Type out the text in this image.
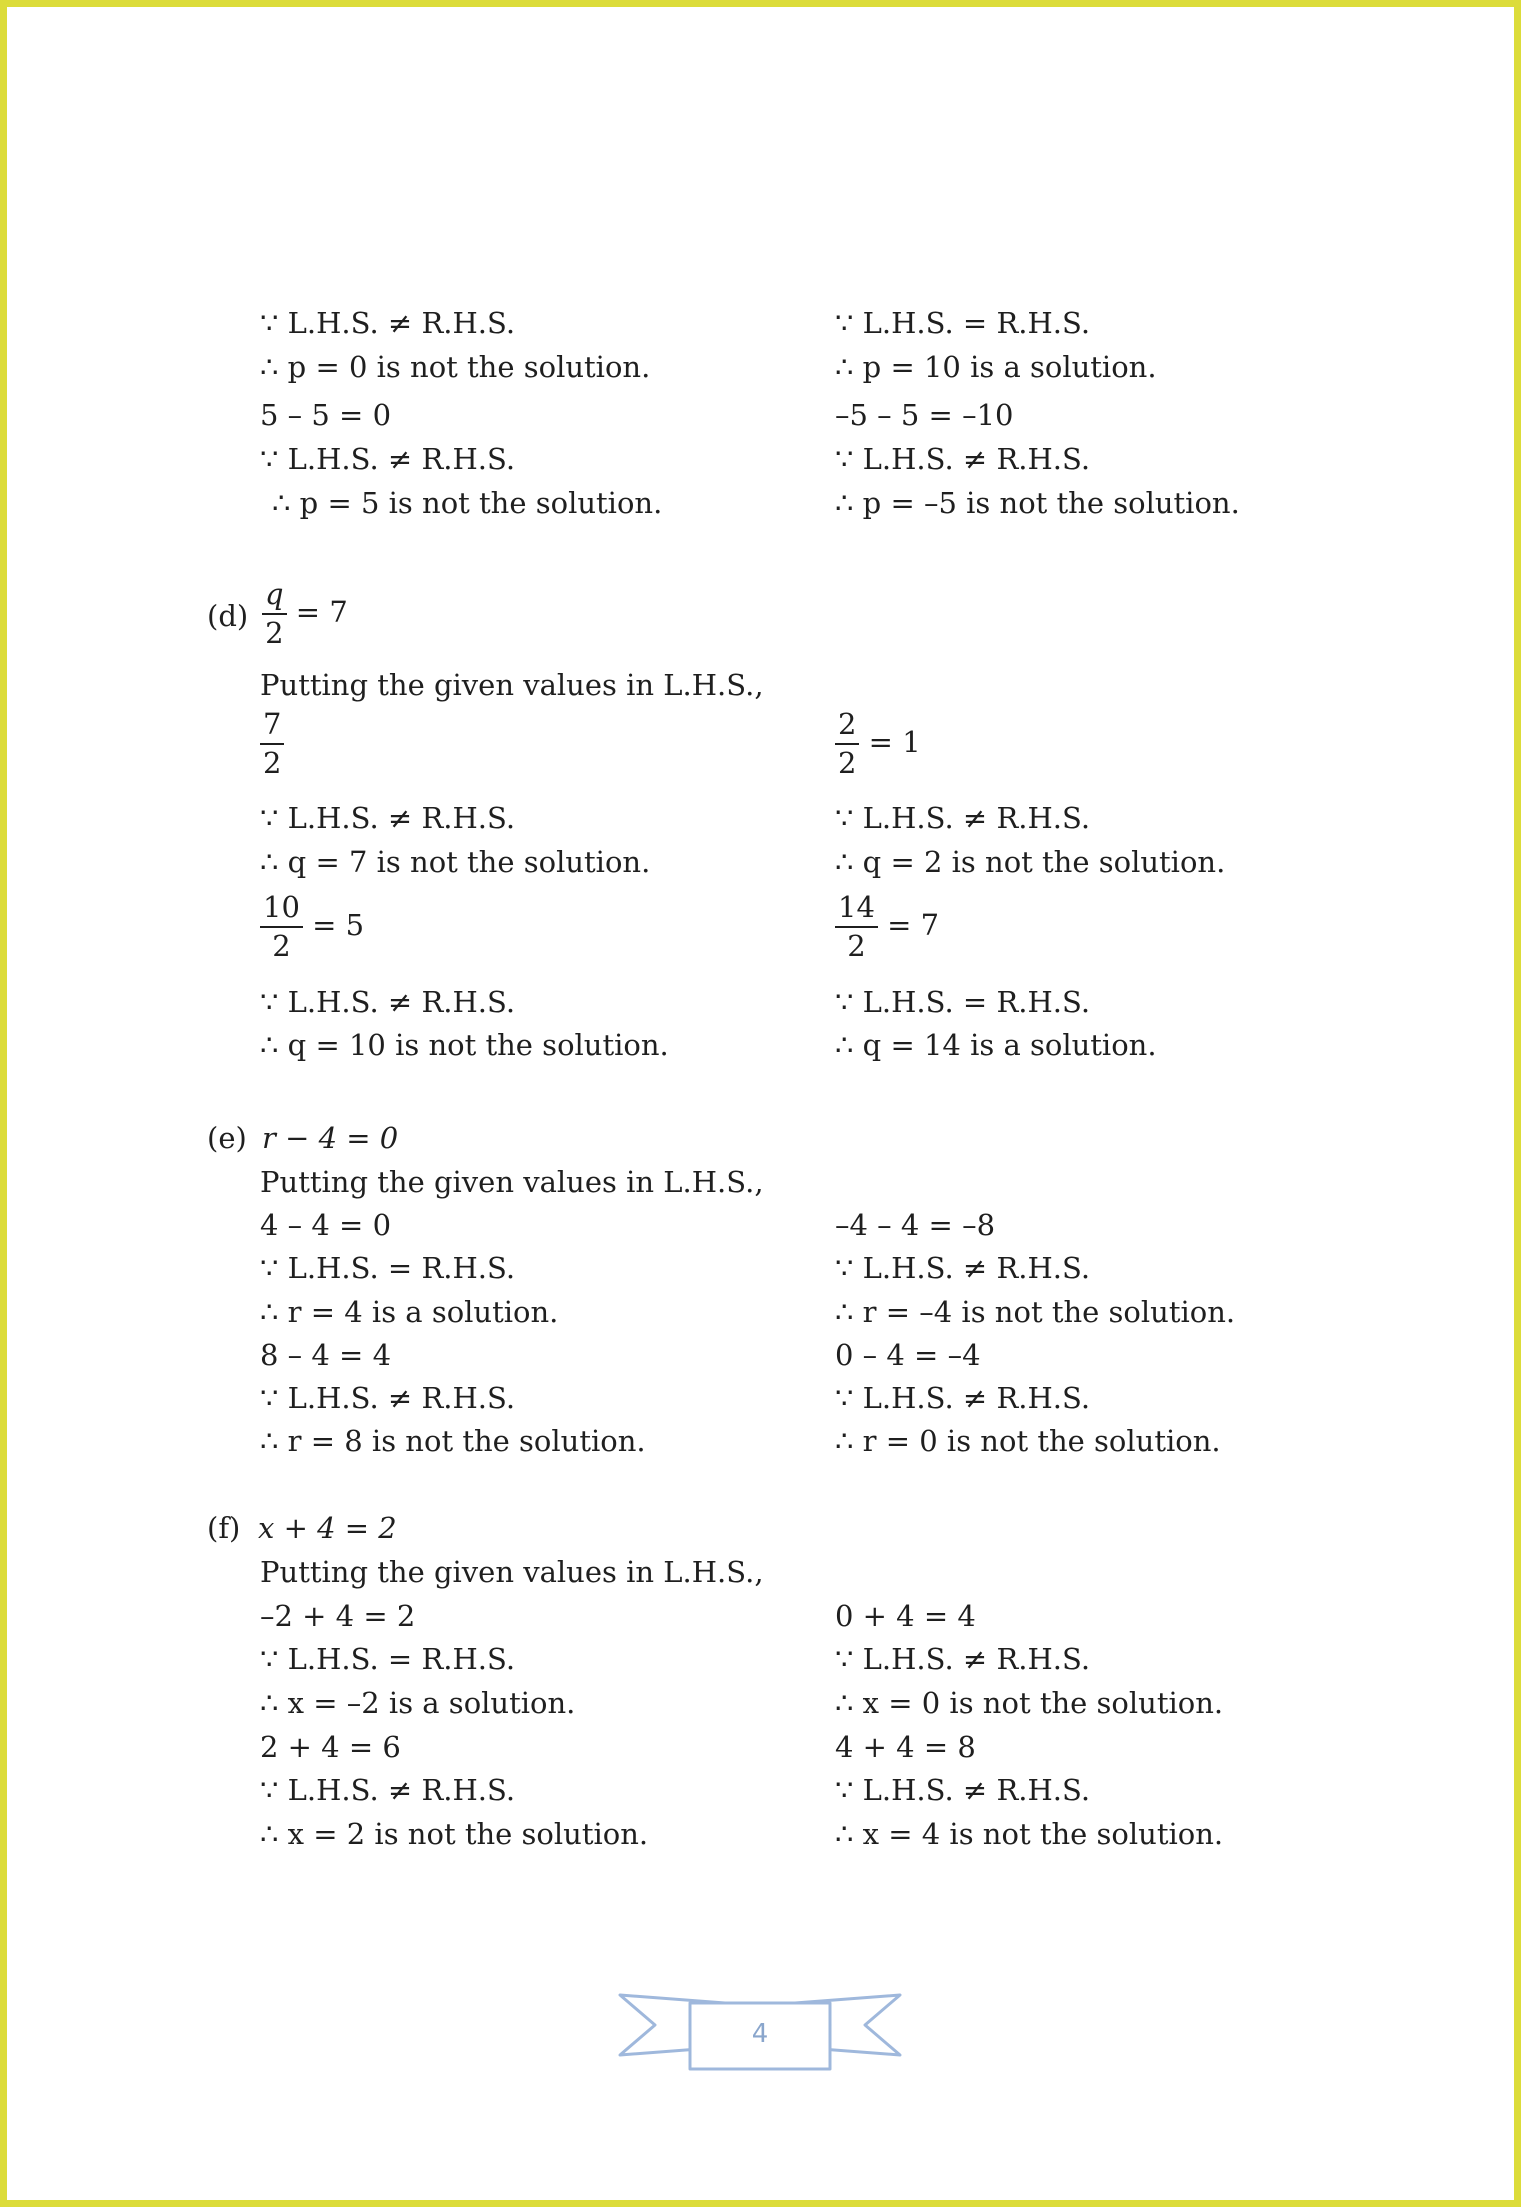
∵ L.H.S. ≠ R.H.S.
∴ p = 0 is not the solution.
5 – 5 = 0
∵ L.H.S. ≠ R.H.S.
∴ p = 5 is not the solution.
∵ L.H.S. = R.H.S.
∴ p = 10 is a solution.
–5 – 5 = –10
∵ L.H.S. ≠ R.H.S.
∴ p = –5 is not the solution.
$(d) \frac{q}{2} = 7$
Putting the given values in L.H.S.,
$\frac{7}{2}$	$\frac{2}{2} = 1$
∵ L.H.S. ≠ R.H.S.
∴ q = 7 is not the solution.
∵ L.H.S. ≠ R.H.S.
∴ q = 2 is not the solution.
$\frac{10}{2} = 5$	$\frac{14}{2} = 7$
∵ L.H.S. ≠ R.H.S.
∴ q = 10 is not the solution.
∵ L.H.S. = R.H.S.
∴ q = 14 is a solution.
(e) r − 4 = 0
Putting the given values in L.H.S.,
4 – 4 = 0
∵ L.H.S. = R.H.S.
∴ r = 4 is a solution.
8 – 4 = 4
∵ L.H.S. ≠ R.H.S.
∴ r = 8 is not the solution.
–4 – 4 = –8
∵ L.H.S. ≠ R.H.S.
∴ r = –4 is not the solution.
0 – 4 = –4
∵ L.H.S. ≠ R.H.S.
∴ r = 0 is not the solution.
(f) x + 4 = 2
Putting the given values in L.H.S.,
–2 + 4 = 2
∵ L.H.S. = R.H.S.
∴ x = –2 is a solution.
2 + 4 = 6
∵ L.H.S. ≠ R.H.S.
∴ x = 2 is not the solution.
0 + 4 = 4
∵ L.H.S. ≠ R.H.S.
∴ x = 0 is not the solution.
4 + 4 = 8
∵ L.H.S. ≠ R.H.S.
∴ x = 4 is not the solution.
4
